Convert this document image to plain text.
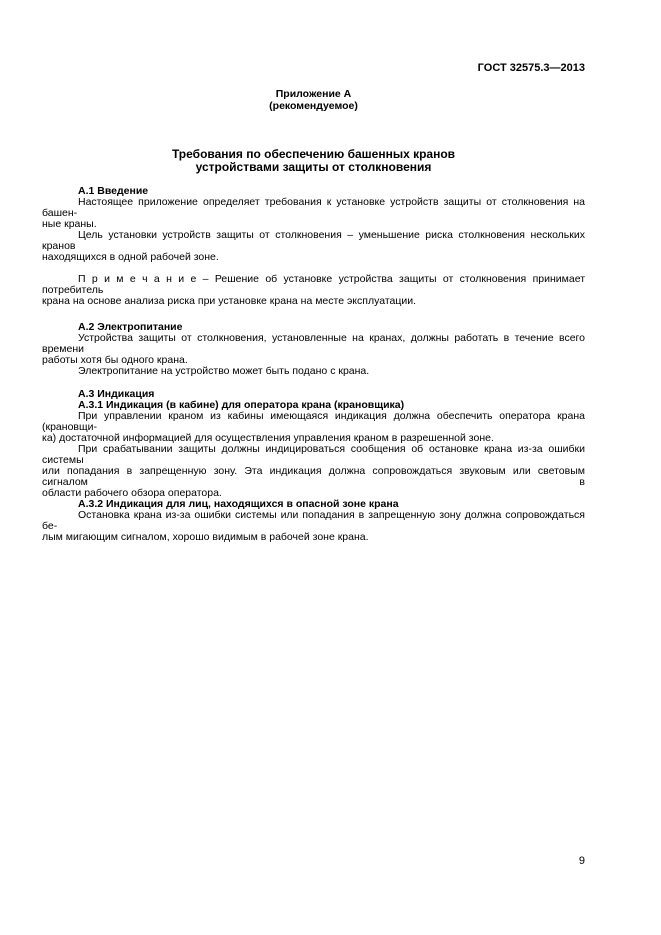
ГОСТ 32575.3—2013
Приложение А
(рекомендуемое)
Требования по обеспечению башенных кранов
устройствами защиты от столкновения
А.1 Введение
Настоящее приложение определяет требования к установке устройств защиты от столкновения на башен-
ные краны.
Цель установки устройств защиты от столкновения – уменьшение риска столкновения нескольких кранов
находящихся в одной рабочей зоне.
П р и м е ч а н и е – Решение об установке устройства защиты от столкновения принимает потребитель
крана на основе анализа риска при установке крана на месте эксплуатации.
А.2 Электропитание
Устройства защиты от столкновения, установленные на кранах, должны работать в течение всего времени
работы хотя бы одного крана.
Электропитание на устройство может быть подано с крана.
А.3 Индикация
А.3.1 Индикация (в кабине) для оператора крана (крановщика)
При управлении краном из кабины имеющаяся индикация должна обеспечить оператора крана (крановщи-
ка) достаточной информацией для осуществления управления краном в разрешенной зоне.
При срабатывании защиты должны индицироваться сообщения об остановке крана из-за ошибки системы
или попадания в запрещенную зону. Эта индикация должна сопровождаться звуковым или световым сигналом в
области рабочего обзора оператора.
А.3.2 Индикация для лиц, находящихся в опасной зоне крана
Остановка крана из-за ошибки системы или попадания в запрещенную зону должна сопровождаться бе-
лым мигающим сигналом, хорошо видимым в рабочей зоне крана.
9
